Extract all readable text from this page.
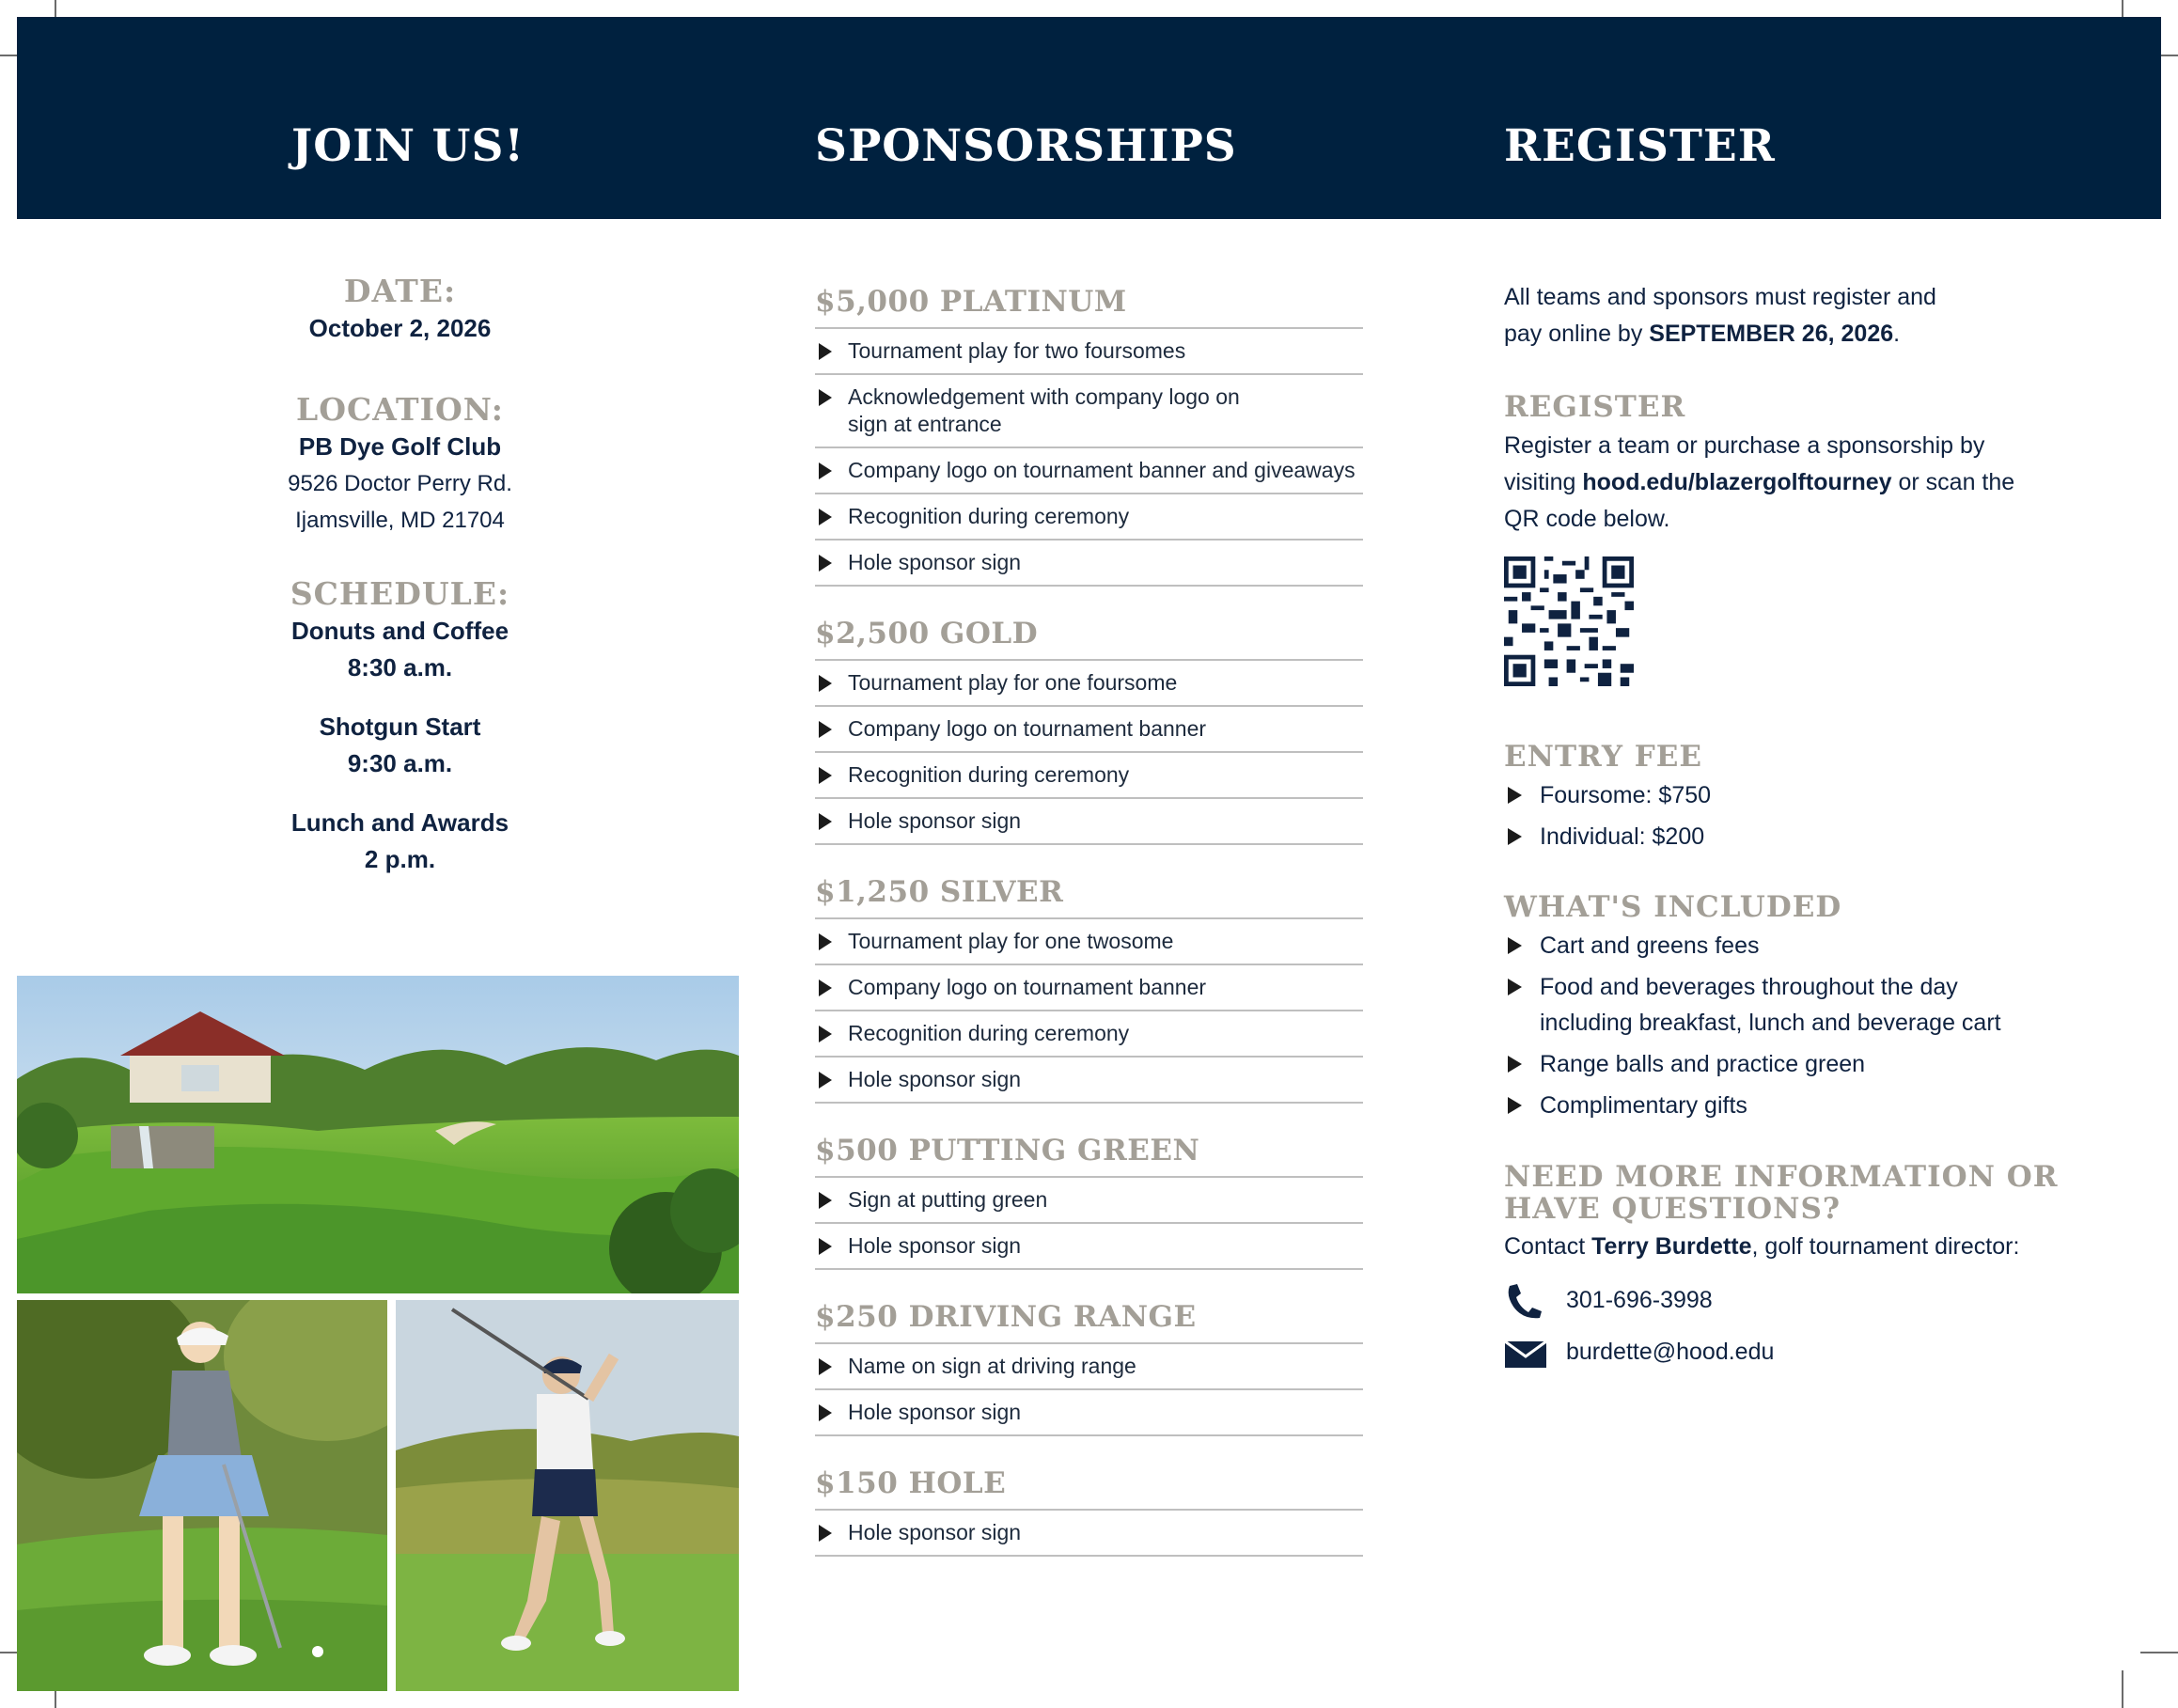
JOIN US!	SPONSORSHIPS	REGISTER
DATE:
October 2, 2026
LOCATION:
PB Dye Golf Club
9526 Doctor Perry Rd.
Ijamsville, MD 21704
SCHEDULE:
Donuts and Coffee
8:30 a.m.
Shotgun Start
9:30 a.m.
Lunch and Awards
2 p.m.
$5,000 PLATINUM
Tournament play for two foursomes
Acknowledgement with company logo on sign at entrance
Company logo on tournament banner and giveaways
Recognition during ceremony
Hole sponsor sign
$2,500 GOLD
Tournament play for one foursome
Company logo on tournament banner
Recognition during ceremony
Hole sponsor sign
$1,250 SILVER
Tournament play for one twosome
Company logo on tournament banner
Recognition during ceremony
Hole sponsor sign
$500 PUTTING GREEN
Sign at putting green
Hole sponsor sign
$250 DRIVING RANGE
Name on sign at driving range
Hole sponsor sign
$150 HOLE
Hole sponsor sign

All teams and sponsors must register and pay online by SEPTEMBER 26, 2026.

REGISTER

Register a team or purchase a sponsorship by visiting hood.edu/blazergolftourney or scan the QR code below.

ENTRY FEE
Foursome: $750
Individual: $200
WHAT'S INCLUDED
Cart and greens fees
Food and beverages throughout the day including breakfast, lunch and beverage cart
Range balls and practice green
Complimentary gifts
NEED MORE INFORMATION OR
HAVE QUESTIONS?

Contact Terry Burdette, golf tournament director:

301-696-3998
burdette@hood.edu
